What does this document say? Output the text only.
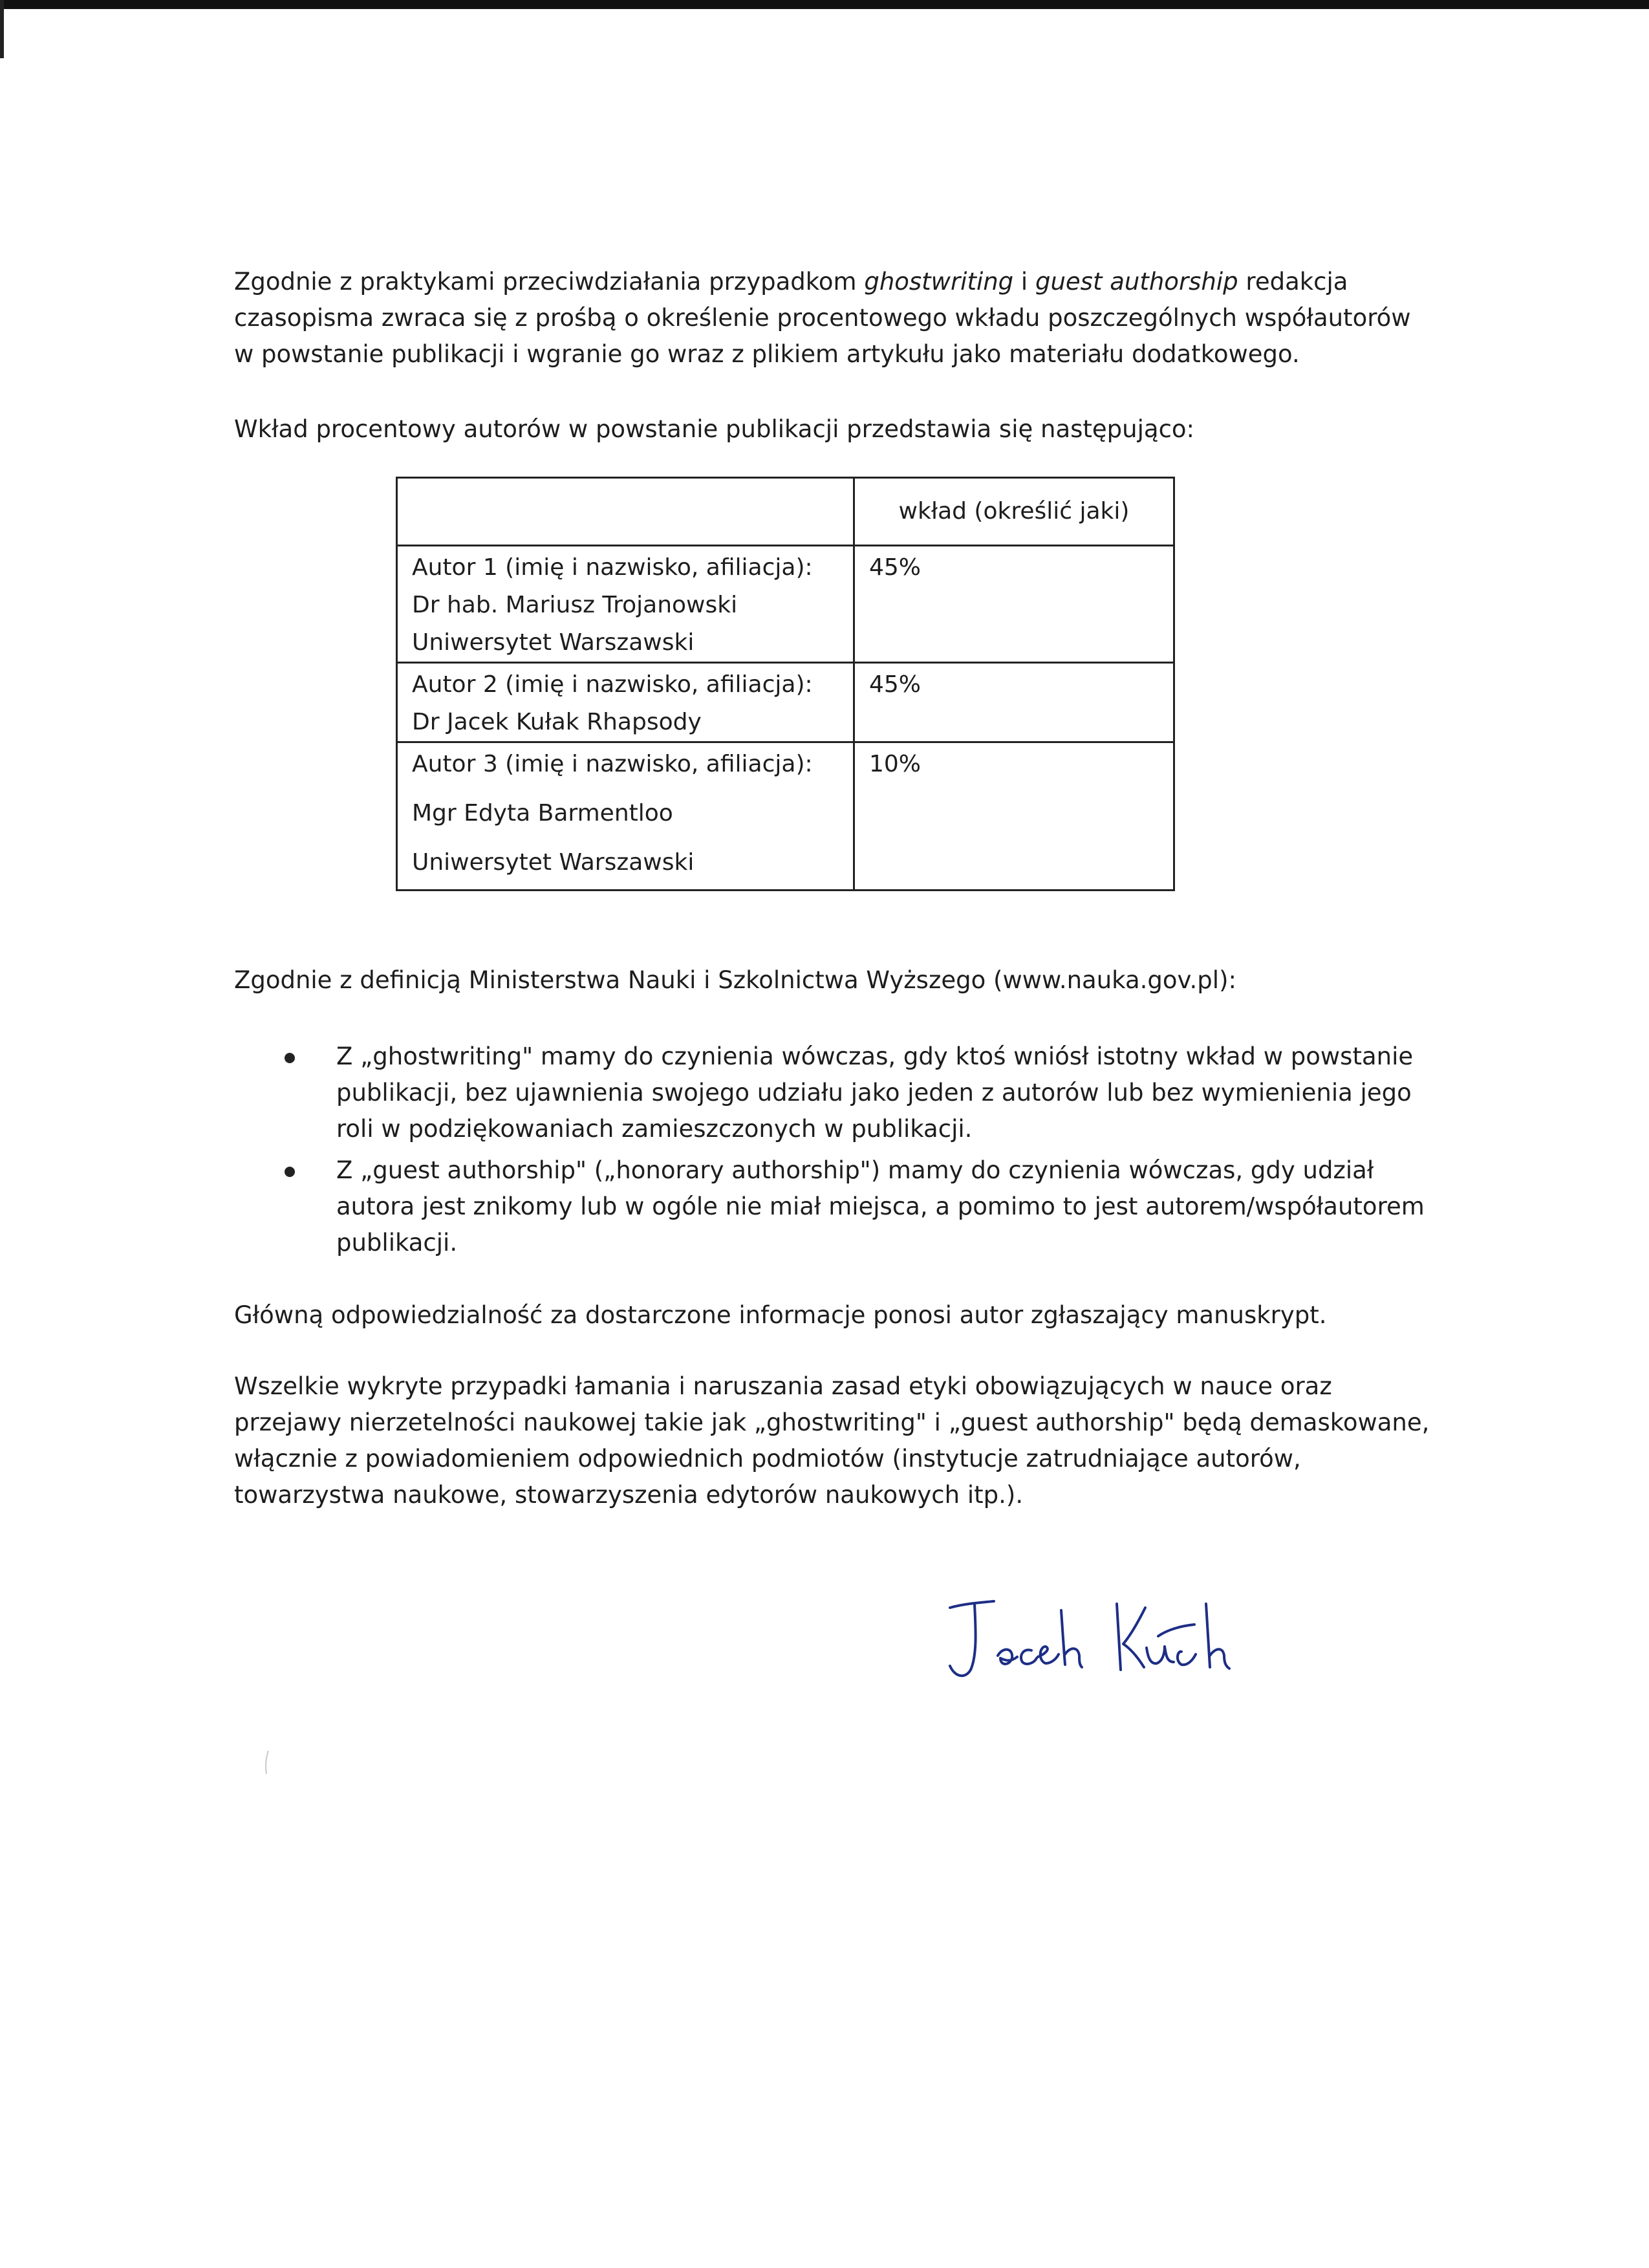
Zgodnie z praktykami przeciwdziałania przypadkom ghostwriting i guest authorship redakcja czasopisma zwraca się z prośbą o określenie procentowego wkładu poszczególnych współautorów w powstanie publikacji i wgranie go wraz z plikiem artykułu jako materiału dodatkowego.

Wkład procentowy autorów w powstanie publikacji przedstawia się następująco:

	wkład (określić jaki)

Autor 1 (imię i nazwisko, afiliacja):
Dr hab. Mariusz Trojanowski
Uniwersytet Warszawski	45%

Autor 2 (imię i nazwisko, afiliacja):
Dr Jacek Kułak Rhapsody	45%

Autor 3 (imię i nazwisko, afiliacja):
Mgr Edyta Barmentloo
Uniwersytet Warszawski	10%

Zgodnie z definicją Ministerstwa Nauki i Szkolnictwa Wyższego (www.nauka.gov.pl):

Z „ghostwriting" mamy do czynienia wówczas, gdy ktoś wniósł istotny wkład w powstanie publikacji, bez ujawnienia swojego udziału jako jeden z autorów lub bez wymienienia jego roli w podziękowaniach zamieszczonych w publikacji.
Z „guest authorship" („honorary authorship") mamy do czynienia wówczas, gdy udział autora jest znikomy lub w ogóle nie miał miejsca, a pomimo to jest autorem/współautorem publikacji.

Główną odpowiedzialność za dostarczone informacje ponosi autor zgłaszający manuskrypt.

Wszelkie wykryte przypadki łamania i naruszania zasad etyki obowiązujących w nauce oraz przejawy nierzetelności naukowej takie jak „ghostwriting" i „guest authorship" będą demaskowane, włącznie z powiadomieniem odpowiednich podmiotów (instytucje zatrudniające autorów, towarzystwa naukowe, stowarzyszenia edytorów naukowych itp.).
